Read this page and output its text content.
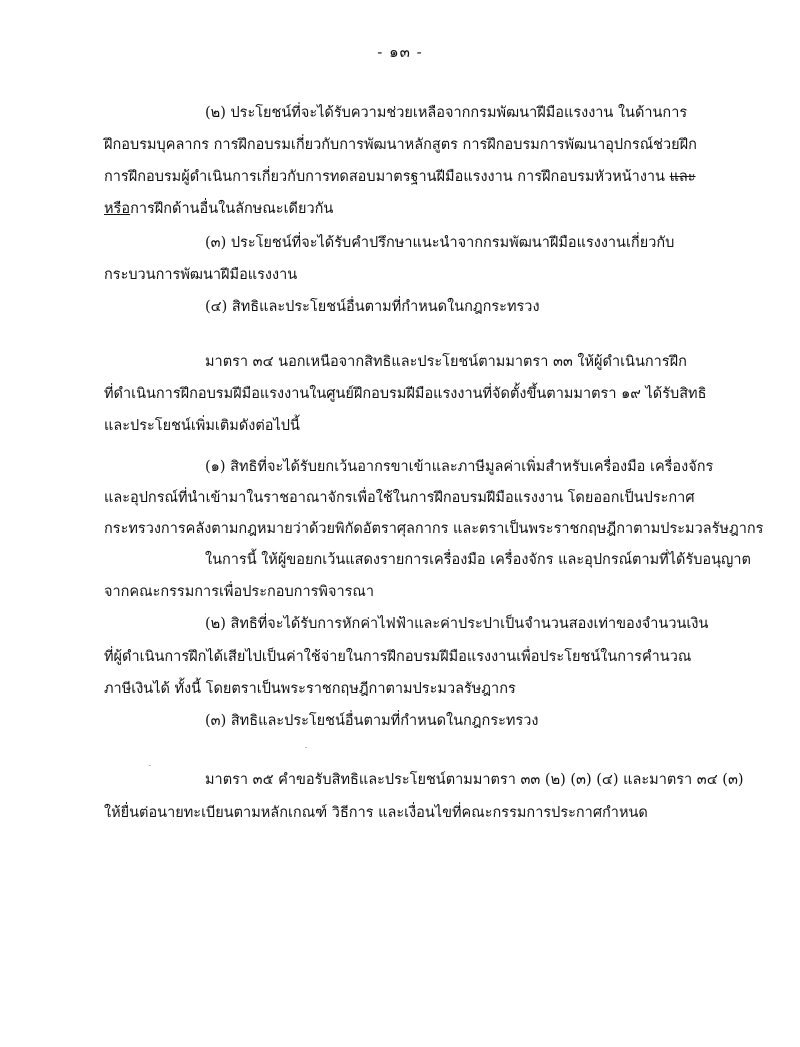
- ๑๓ -
(๒) ประโยชน์ที่จะได้รับความช่วยเหลือจากกรมพัฒนาฝีมือแรงงาน ในด้านการ
ฝึกอบรมบุคลากร การฝึกอบรมเกี่ยวกับการพัฒนาหลักสูตร การฝึกอบรมการพัฒนาอุปกรณ์ช่วยฝึก
การฝึกอบรมผู้ดำเนินการเกี่ยวกับการทดสอบมาตรฐานฝีมือแรงงาน การฝึกอบรมหัวหน้างาน และ
หรือการฝึกด้านอื่นในลักษณะเดียวกัน
(๓) ประโยชน์ที่จะได้รับคำปรึกษาแนะนำจากกรมพัฒนาฝีมือแรงงานเกี่ยวกับ
กระบวนการพัฒนาฝีมือแรงงาน
(๔) สิทธิและประโยชน์อื่นตามที่กำหนดในกฎกระทรวง
มาตรา ๓๔ นอกเหนือจากสิทธิและประโยชน์ตามมาตรา ๓๓ ให้ผู้ดำเนินการฝึก
ที่ดำเนินการฝึกอบรมฝีมือแรงงานในศูนย์ฝึกอบรมฝีมือแรงงานที่จัดตั้งขึ้นตามมาตรา ๑๙ ได้รับสิทธิ
และประโยชน์เพิ่มเติมดังต่อไปนี้
(๑) สิทธิที่จะได้รับยกเว้นอากรขาเข้าและภาษีมูลค่าเพิ่มสำหรับเครื่องมือ เครื่องจักร
และอุปกรณ์ที่นำเข้ามาในราชอาณาจักรเพื่อใช้ในการฝึกอบรมฝีมือแรงงาน โดยออกเป็นประกาศ
กระทรวงการคลังตามกฎหมายว่าด้วยพิกัดอัตราศุลกากร และตราเป็นพระราชกฤษฎีกาตามประมวลรัษฎากร
ในการนี้ ให้ผู้ขอยกเว้นแสดงรายการเครื่องมือ เครื่องจักร และอุปกรณ์ตามที่ได้รับอนุญาต
จากคณะกรรมการเพื่อประกอบการพิจารณา
(๒) สิทธิที่จะได้รับการหักค่าไฟฟ้าและค่าประปาเป็นจำนวนสองเท่าของจำนวนเงิน
ที่ผู้ดำเนินการฝึกได้เสียไปเป็นค่าใช้จ่ายในการฝึกอบรมฝีมือแรงงานเพื่อประโยชน์ในการคำนวณ
ภาษีเงินได้ ทั้งนี้ โดยตราเป็นพระราชกฤษฎีกาตามประมวลรัษฎากร
(๓) สิทธิและประโยชน์อื่นตามที่กำหนดในกฎกระทรวง
มาตรา ๓๕ คำขอรับสิทธิและประโยชน์ตามมาตรา ๓๓ (๒) (๓) (๔) และมาตรา ๓๔ (๓)
ให้ยื่นต่อนายทะเบียนตามหลักเกณฑ์ วิธีการ และเงื่อนไขที่คณะกรรมการประกาศกำหนด
